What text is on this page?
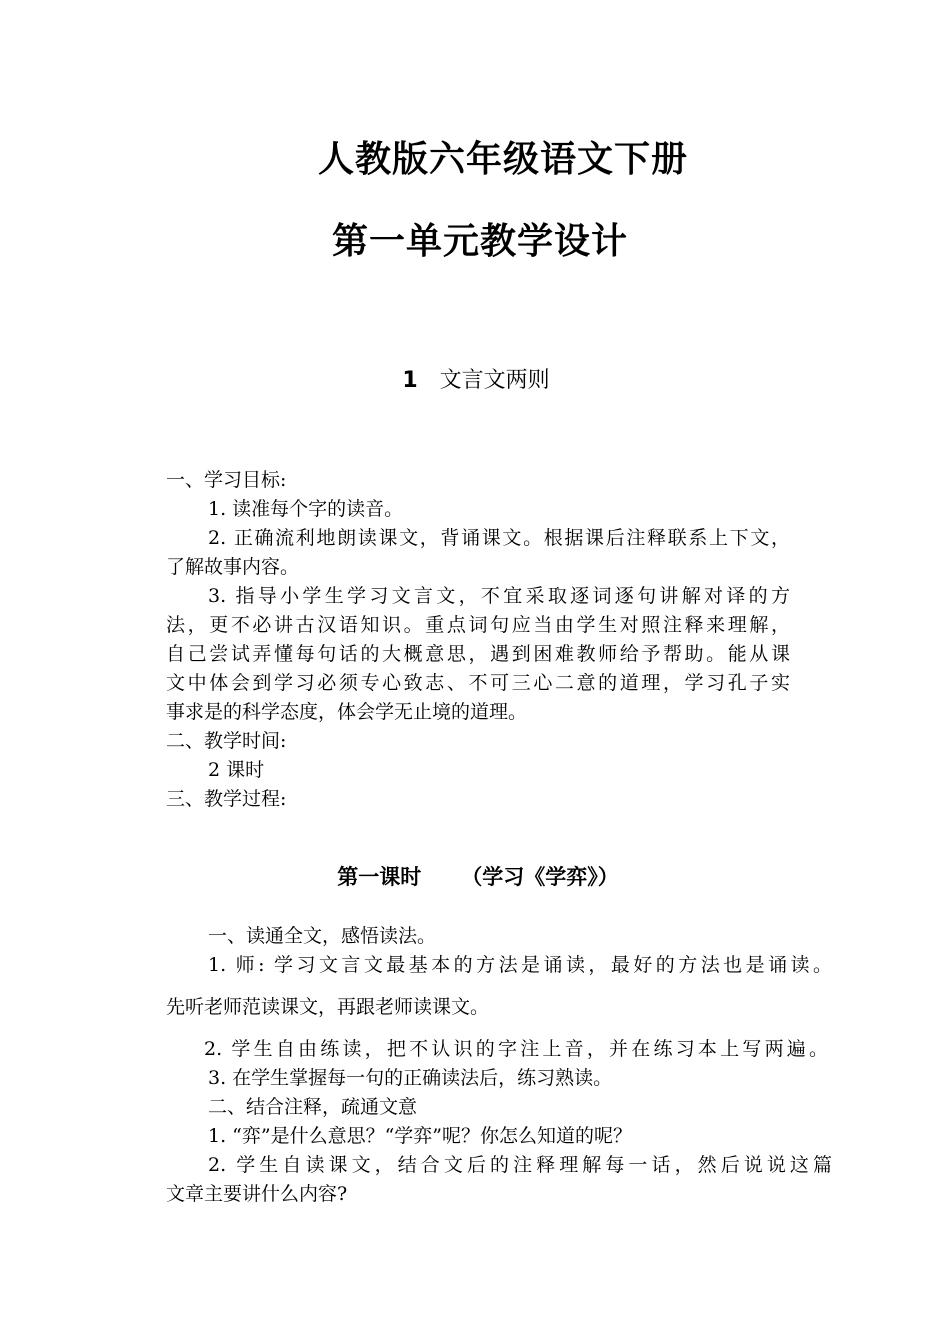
人教版六年级语文下册
第一单元教学设计
1 文言文两则
一、学习目标:
1. 读准每个字的读音。
2. 正确流利地朗读课文，背诵课文。根据课后注释联系上下文，
了解故事内容。
3. 指导小学生学习文言文，不宜采取逐词逐句讲解对译的方
法，更不必讲古汉语知识。重点词句应当由学生对照注释来理解，
自己尝试弄懂每句话的大概意思，遇到困难教师给予帮助。能从课
文中体会到学习必须专心致志、不可三心二意的道理，学习孔子实
事求是的科学态度，体会学无止境的道理。
二、教学时间:
2 课时
三、教学过程:
第一课时 （学习《学弈》）
一、读通全文，感悟读法。
1. 师: 学习文言文最基本的方法是诵读，最好的方法也是诵读。
先听老师范读课文，再跟老师读课文。
2. 学生自由练读，把不认识的字注上音，并在练习本上写两遍。
3. 在学生掌握每一句的正确读法后，练习熟读。
二、结合注释，疏通文意
1. “弈”是什么意思？“学弈”呢？你怎么知道的呢？
2. 学生自读课文，结合文后的注释理解每一话，然后说说这篇
文章主要讲什么内容?
